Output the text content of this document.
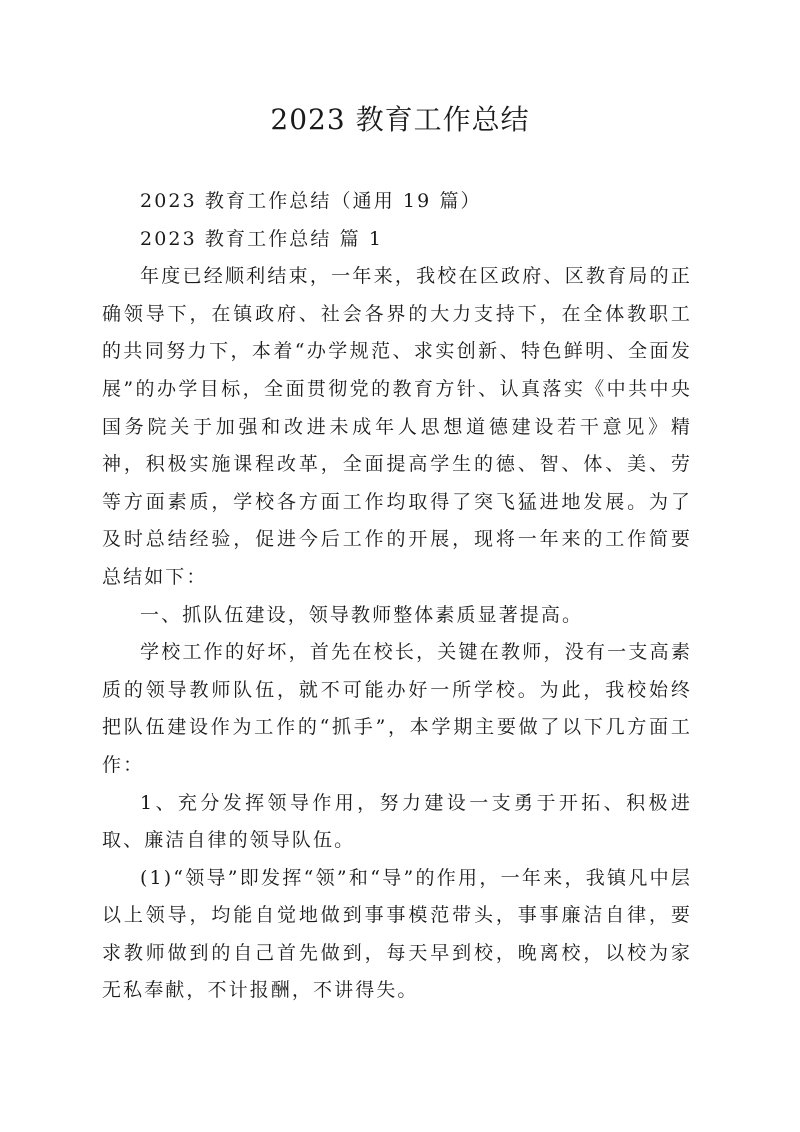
2023 教育工作总结

2023 教育工作总结（通用 19 篇）

2023 教育工作总结 篇 1

年度已经顺利结束，一年来，我校在区政府、区教育局的正确领导下，在镇政府、社会各界的大力支持下，在全体教职工的共同努力下，本着“办学规范、求实创新、特色鲜明、全面发展”的办学目标，全面贯彻党的教育方针、认真落实《中共中央国务院关于加强和改进未成年人思想道德建设若干意见》精神，积极实施课程改革，全面提高学生的德、智、体、美、劳等方面素质，学校各方面工作均取得了突飞猛进地发展。为了及时总结经验，促进今后工作的开展，现将一年来的工作简要总结如下：

一、抓队伍建设，领导教师整体素质显著提高。

学校工作的好坏，首先在校长，关键在教师，没有一支高素质的领导教师队伍，就不可能办好一所学校。为此，我校始终把队伍建设作为工作的“抓手”，本学期主要做了以下几方面工作：

1、充分发挥领导作用，努力建设一支勇于开拓、积极进取、廉洁自律的领导队伍。

(1)“领导”即发挥“领”和“导”的作用，一年来，我镇凡中层以上领导，均能自觉地做到事事模范带头，事事廉洁自律，要求教师做到的自己首先做到，每天早到校，晚离校，以校为家无私奉献，不计报酬，不讲得失。
